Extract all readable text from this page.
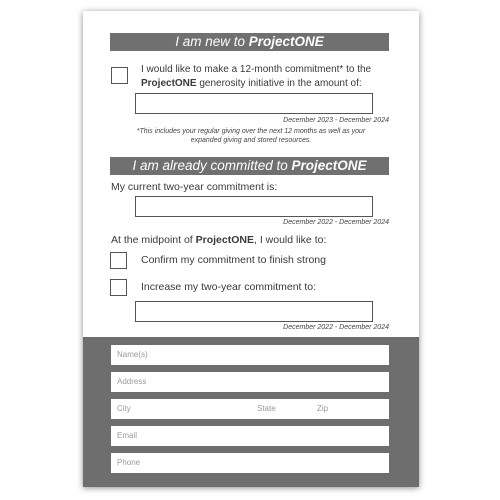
I am new to ProjectONE
I would like to make a 12-month commitment* to the
ProjectONE generosity initiative in the amount of:
December 2023 - December 2024
*This includes your regular giving over the next 12 months as well as your
expanded giving and stored resources.
I am already committed to ProjectONE
My current two-year commitment is:
December 2022 - December 2024
At the midpoint of ProjectONE, I would like to:
Confirm my commitment to finish strong
Increase my two-year commitment to:
December 2022 - December 2024
Name(s)
Address
City	State	Zip
Email
Phone
